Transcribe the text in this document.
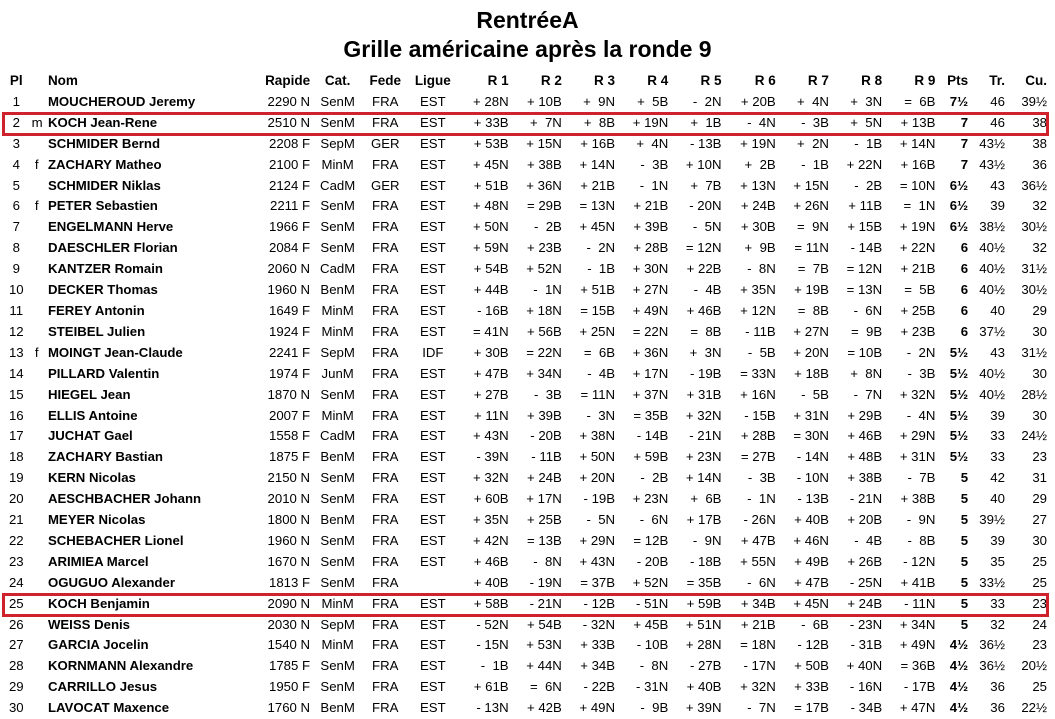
RentréeA
Grille américaine après la ronde 9
Pl		Nom	Rapide	Cat.	Fede	Ligue	R 1	R 2	R 3	R 4	R 5	R 6	R 7	R 8	R 9	Pts	Tr.	Cu.
1		MOUCHEROUD Jeremy	2290 N	SenM	FRA	EST	+ 28N	+ 10B	+  9N	+  5B	-  2N	+ 20B	+  4N	+  3N	=  6B	7½	46	39½
2	m	KOCH Jean-Rene	2510 N	SenM	FRA	EST	+ 33B	+  7N	+  8B	+ 19N	+  1B	-  4N	-  3B	+  5N	+ 13B	7	46	38
3		SCHMIDER Bernd	2208 F	SepM	GER	EST	+ 53B	+ 15N	+ 16B	+  4N	- 13B	+ 19N	+  2N	-  1B	+ 14N	7	43½	38
4	f	ZACHARY Matheo	2100 F	MinM	FRA	EST	+ 45N	+ 38B	+ 14N	-  3B	+ 10N	+  2B	-  1B	+ 22N	+ 16B	7	43½	36
5		SCHMIDER Niklas	2124 F	CadM	GER	EST	+ 51B	+ 36N	+ 21B	-  1N	+  7B	+ 13N	+ 15N	-  2B	= 10N	6½	43	36½
6	f	PETER Sebastien	2211 F	SenM	FRA	EST	+ 48N	= 29B	= 13N	+ 21B	- 20N	+ 24B	+ 26N	+ 11B	=  1N	6½	39	32
7		ENGELMANN Herve	1966 F	SenM	FRA	EST	+ 50N	-  2B	+ 45N	+ 39B	-  5N	+ 30B	=  9N	+ 15B	+ 19N	6½	38½	30½
8		DAESCHLER Florian	2084 F	SenM	FRA	EST	+ 59N	+ 23B	-  2N	+ 28B	= 12N	+  9B	= 11N	- 14B	+ 22N	6	40½	32
9		KANTZER Romain	2060 N	CadM	FRA	EST	+ 54B	+ 52N	-  1B	+ 30N	+ 22B	-  8N	=  7B	= 12N	+ 21B	6	40½	31½
10		DECKER Thomas	1960 N	BenM	FRA	EST	+ 44B	-  1N	+ 51B	+ 27N	-  4B	+ 35N	+ 19B	= 13N	=  5B	6	40½	30½
11		FEREY Antonin	1649 F	MinM	FRA	EST	- 16B	+ 18N	= 15B	+ 49N	+ 46B	+ 12N	=  8B	-  6N	+ 25B	6	40	29
12		STEIBEL Julien	1924 F	MinM	FRA	EST	= 41N	+ 56B	+ 25N	= 22N	=  8B	- 11B	+ 27N	=  9B	+ 23B	6	37½	30
13	f	MOINGT Jean-Claude	2241 F	SepM	FRA	IDF	+ 30B	= 22N	=  6B	+ 36N	+  3N	-  5B	+ 20N	= 10B	-  2N	5½	43	31½
14		PILLARD Valentin	1974 F	JunM	FRA	EST	+ 47B	+ 34N	-  4B	+ 17N	- 19B	= 33N	+ 18B	+  8N	-  3B	5½	40½	30
15		HIEGEL Jean	1870 N	SenM	FRA	EST	+ 27B	-  3B	= 11N	+ 37N	+ 31B	+ 16N	-  5B	-  7N	+ 32N	5½	40½	28½
16		ELLIS Antoine	2007 F	MinM	FRA	EST	+ 11N	+ 39B	-  3N	= 35B	+ 32N	- 15B	+ 31N	+ 29B	-  4N	5½	39	30
17		JUCHAT Gael	1558 F	CadM	FRA	EST	+ 43N	- 20B	+ 38N	- 14B	- 21N	+ 28B	= 30N	+ 46B	+ 29N	5½	33	24½
18		ZACHARY Bastian	1875 F	BenM	FRA	EST	- 39N	- 11B	+ 50N	+ 59B	+ 23N	= 27B	- 14N	+ 48B	+ 31N	5½	33	23
19		KERN Nicolas	2150 N	SenM	FRA	EST	+ 32N	+ 24B	+ 20N	-  2B	+ 14N	-  3B	- 10N	+ 38B	-  7B	5	42	31
20		AESCHBACHER Johann	2010 N	SenM	FRA	EST	+ 60B	+ 17N	- 19B	+ 23N	+  6B	-  1N	- 13B	- 21N	+ 38B	5	40	29
21		MEYER Nicolas	1800 N	BenM	FRA	EST	+ 35N	+ 25B	-  5N	-  6N	+ 17B	- 26N	+ 40B	+ 20B	-  9N	5	39½	27
22		SCHEBACHER Lionel	1960 N	SenM	FRA	EST	+ 42N	= 13B	+ 29N	= 12B	-  9N	+ 47B	+ 46N	-  4B	-  8B	5	39	30
23		ARIMIEA Marcel	1670 N	SenM	FRA	EST	+ 46B	-  8N	+ 43N	- 20B	- 18B	+ 55N	+ 49B	+ 26B	- 12N	5	35	25
24		OGUGUO Alexander	1813 F	SenM	FRA		+ 40B	- 19N	= 37B	+ 52N	= 35B	-  6N	+ 47B	- 25N	+ 41B	5	33½	25
25		KOCH Benjamin	2090 N	MinM	FRA	EST	+ 58B	- 21N	- 12B	- 51N	+ 59B	+ 34B	+ 45N	+ 24B	- 11N	5	33	23
26		WEISS Denis	2030 N	SepM	FRA	EST	- 52N	+ 54B	- 32N	+ 45B	+ 51N	+ 21B	-  6B	- 23N	+ 34N	5	32	24
27		GARCIA Jocelin	1540 N	MinM	FRA	EST	- 15N	+ 53N	+ 33B	- 10B	+ 28N	= 18N	- 12B	- 31B	+ 49N	4½	36½	23
28		KORNMANN Alexandre	1785 F	SenM	FRA	EST	-  1B	+ 44N	+ 34B	-  8N	- 27B	- 17N	+ 50B	+ 40N	= 36B	4½	36½	20½
29		CARRILLO Jesus	1950 F	SenM	FRA	EST	+ 61B	=  6N	- 22B	- 31N	+ 40B	+ 32N	+ 33B	- 16N	- 17B	4½	36	25
30		LAVOCAT Maxence	1760 N	BenM	FRA	EST	- 13N	+ 42B	+ 49N	-  9B	+ 39N	-  7N	= 17B	- 34B	+ 47N	4½	36	22½
